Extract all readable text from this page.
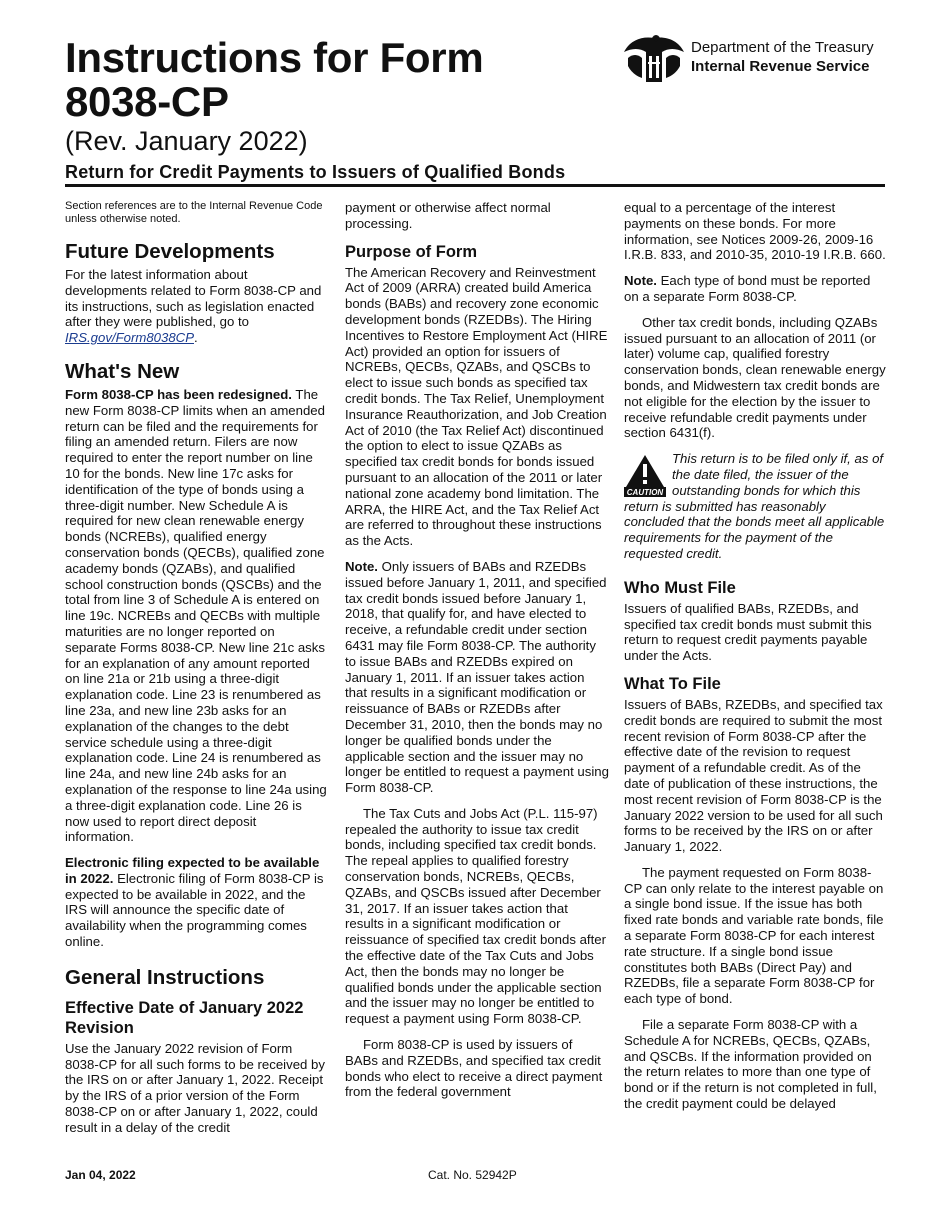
Instructions for Form 8038-CP
(Rev. January 2022)
Return for Credit Payments to Issuers of Qualified Bonds
Department of the Treasury
Internal Revenue Service

Section references are to the Internal Revenue Code unless otherwise noted.

Future Developments

For the latest information about developments related to Form 8038-CP and its instructions, such as legislation enacted after they were published, go to IRS.gov/Form8038CP.

What's New

Form 8038-CP has been redesigned. The new Form 8038-CP limits when an amended return can be filed and the requirements for filing an amended return. Filers are now required to enter the report number on line 10 for the bonds. New line 17c asks for identification of the type of bonds using a three-digit number. New Schedule A is required for new clean renewable energy bonds (NCREBs), qualified energy conservation bonds (QECBs), qualified zone academy bonds (QZABs), and qualified school construction bonds (QSCBs) and the total from line 3 of Schedule A is entered on line 19c. NCREBs and QECBs with multiple maturities are no longer reported on separate Forms 8038-CP. New line 21c asks for an explanation of any amount reported on line 21a or 21b using a three-digit explanation code. Line 23 is renumbered as line 23a, and new line 23b asks for an explanation of the changes to the debt service schedule using a three-digit explanation code. Line 24 is renumbered as line 24a, and new line 24b asks for an explanation of the response to line 24a using a three-digit explanation code. Line 26 is now used to report direct deposit information.

Electronic filing expected to be available in 2022. Electronic filing of Form 8038-CP is expected to be available in 2022, and the IRS will announce the specific date of availability when the programming comes online.

General Instructions
Effective Date of January 2022 Revision

Use the January 2022 revision of Form 8038-CP for all such forms to be received by the IRS on or after January 1, 2022. Receipt by the IRS of a prior version of the Form 8038-CP on or after January 1, 2022, could result in a delay of the credit

payment or otherwise affect normal processing.

Purpose of Form

The American Recovery and Reinvestment Act of 2009 (ARRA) created build America bonds (BABs) and recovery zone economic development bonds (RZEDBs). The Hiring Incentives to Restore Employment Act (HIRE Act) provided an option for issuers of NCREBs, QECBs, QZABs, and QSCBs to elect to issue such bonds as specified tax credit bonds. The Tax Relief, Unemployment Insurance Reauthorization, and Job Creation Act of 2010 (the Tax Relief Act) discontinued the option to elect to issue QZABs as specified tax credit bonds for bonds issued pursuant to an allocation of the 2011 or later national zone academy bond limitation. The ARRA, the HIRE Act, and the Tax Relief Act are referred to throughout these instructions as the Acts.

Note. Only issuers of BABs and RZEDBs issued before January 1, 2011, and specified tax credit bonds issued before January 1, 2018, that qualify for, and have elected to receive, a refundable credit under section 6431 may file Form 8038-CP. The authority to issue BABs and RZEDBs expired on January 1, 2011. If an issuer takes action that results in a significant modification or reissuance of BABs or RZEDBs after December 31, 2010, then the bonds may no longer be qualified bonds under the applicable section and the issuer may no longer be entitled to request a payment using Form 8038-CP.

The Tax Cuts and Jobs Act (P.L. 115-97) repealed the authority to issue tax credit bonds, including specified tax credit bonds. The repeal applies to qualified forestry conservation bonds, NCREBs, QECBs, QZABs, and QSCBs issued after December 31, 2017. If an issuer takes action that results in a significant modification or reissuance of specified tax credit bonds after the effective date of the Tax Cuts and Jobs Act, then the bonds may no longer be qualified bonds under the applicable section and the issuer may no longer be entitled to request a payment using Form 8038-CP.

Form 8038-CP is used by issuers of BABs and RZEDBs, and specified tax credit bonds who elect to receive a direct payment from the federal government

equal to a percentage of the interest payments on these bonds. For more information, see Notices 2009-26, 2009-16 I.R.B. 833, and 2010-35, 2010-19 I.R.B. 660.

Note. Each type of bond must be reported on a separate Form 8038-CP.

Other tax credit bonds, including QZABs issued pursuant to an allocation of 2011 (or later) volume cap, qualified forestry conservation bonds, clean renewable energy bonds, and Midwestern tax credit bonds are not eligible for the election by the issuer to receive refundable credit payments under section 6431(f).

CAUTION
This return is to be filed only if, as of the date filed, the issuer of the outstanding bonds for which this return is submitted has reasonably concluded that the bonds meet all applicable requirements for the payment of the requested credit.

Who Must File

Issuers of qualified BABs, RZEDBs, and specified tax credit bonds must submit this return to request credit payments payable under the Acts.

What To File

Issuers of BABs, RZEDBs, and specified tax credit bonds are required to submit the most recent revision of Form 8038-CP after the effective date of the revision to request payment of a refundable credit. As of the date of publication of these instructions, the most recent revision of Form 8038-CP is the January 2022 version to be used for all such forms to be received by the IRS on or after January 1, 2022.

The payment requested on Form 8038-CP can only relate to the interest payable on a single bond issue. If the issue has both fixed rate bonds and variable rate bonds, file a separate Form 8038-CP for each interest rate structure. If a single bond issue constitutes both BABs (Direct Pay) and RZEDBs, file a separate Form 8038-CP for each type of bond.

File a separate Form 8038-CP with a Schedule A for NCREBs, QECBs, QZABs, and QSCBs. If the information provided on the return relates to more than one type of bond or if the return is not completed in full, the credit payment could be delayed

Jan 04, 2022	Cat. No. 52942P
